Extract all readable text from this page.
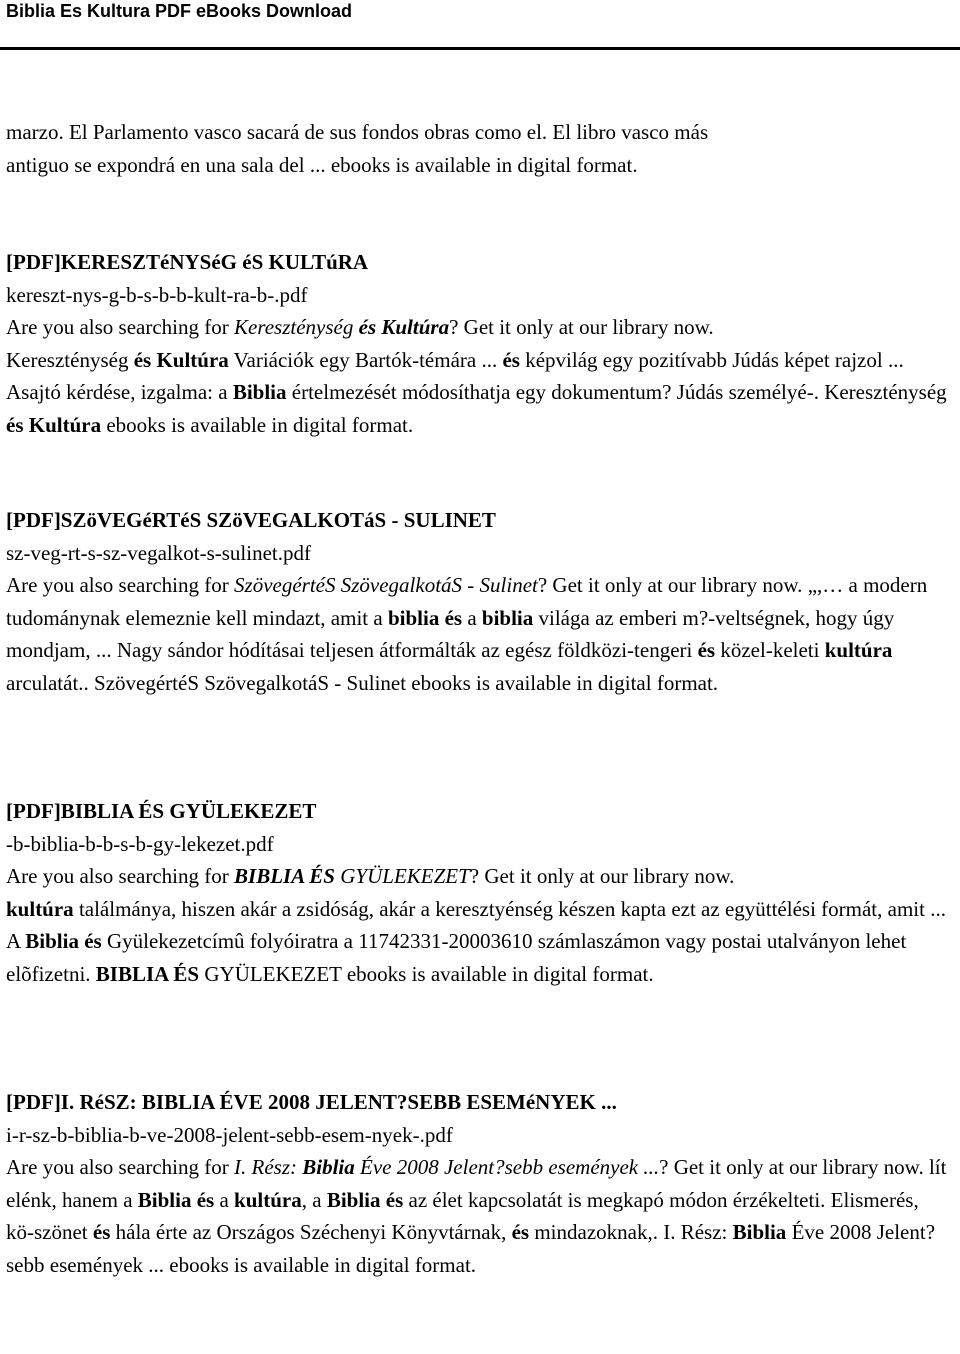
Biblia Es Kultura PDF eBooks Download

marzo. El Parlamento vasco sacará de sus fondos obras como el. El libro vasco más
antiguo se expondrá en una sala del ... ebooks is available in digital format.

[PDF]KERESZTéNYSéG éS KULTúRA

kereszt-nys-g-b-s-b-b-kult-ra-b-.pdf

Are you also searching for Kereszténység és Kultúra? Get it only at our library now.
Kereszténység és Kultúra Variációk egy Bartók-témára ... és képvilág egy pozitívabb Júdás képet rajzol ... Asajtó kérdése, izgalma: a Biblia értelmezését módosíthatja egy dokumentum? Júdás személyé-. Kereszténység és Kultúra ebooks is available in digital format.

[PDF]SZöVEGéRTéS SZöVEGALKOTáS - SULINET

sz-veg-rt-s-sz-vegalkot-s-sulinet.pdf

Are you also searching for SzövegértéS SzövegalkotáS - Sulinet? Get it only at our library now. „,… a modern tudománynak elemeznie kell mindazt, amit a biblia és a biblia világa az emberi m?-veltségnek, hogy úgy mondjam, ... Nagy sándor hódításai teljesen átformálták az egész földközi-tengeri és közel-keleti kultúra arculatát.. SzövegértéS SzövegalkotáS - Sulinet ebooks is available in digital format.

[PDF]BIBLIA ÉS GYÜLEKEZET

-b-biblia-b-b-s-b-gy-lekezet.pdf

Are you also searching for BIBLIA ÉS GYÜLEKEZET? Get it only at our library now.
kultúra találmánya, hiszen akár a zsidóság, akár a keresztyénség készen kapta ezt az együttélési formát, amit ... A Biblia és Gyülekezetcímû folyóiratra a 11742331-20003610 számlaszámon vagy postai utalványon lehet elõfizetni. BIBLIA ÉS GYÜLEKEZET ebooks is available in digital format.

[PDF]I. RéSZ: BIBLIA ÉVE 2008 JELENT?SEBB ESEMéNYEK ...

i-r-sz-b-biblia-b-ve-2008-jelent-sebb-esem-nyek-.pdf

Are you also searching for I. Rész: Biblia Éve 2008 Jelent?sebb események ...? Get it only at our library now. lít elénk, hanem a Biblia és a kultúra, a Biblia és az élet kapcsolatát is megkapó módon érzékelteti. Elismerés, kö-szönet és hála érte az Országos Széchenyi Könyvtárnak, és mindazoknak,. I. Rész: Biblia Éve 2008 Jelent?sebb események ... ebooks is available in digital format.
